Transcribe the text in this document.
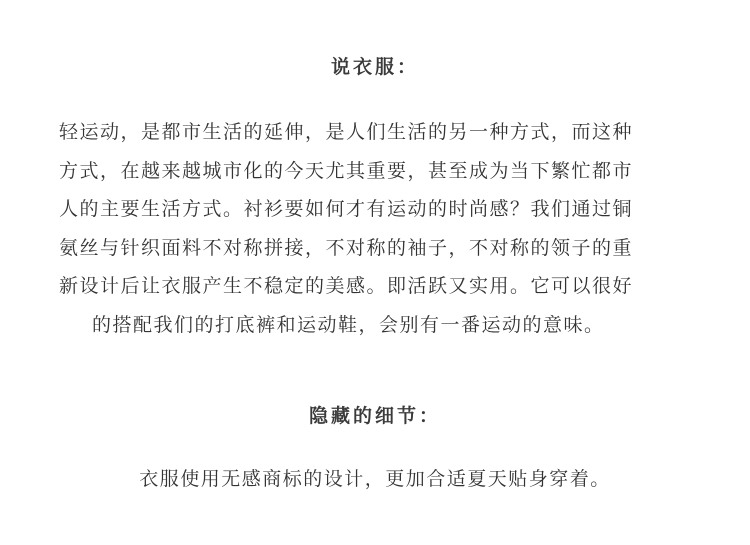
说衣服：
轻运动，是都市生活的延伸，是人们生活的另一种方式，而这种
方式，在越来越城市化的今天尤其重要，甚至成为当下繁忙都市
人的主要生活方式。衬衫要如何才有运动的时尚感？我们通过铜
氨丝与针织面料不对称拼接，不对称的袖子，不对称的领子的重
新设计后让衣服产生不稳定的美感。即活跃又实用。它可以很好
的搭配我们的打底裤和运动鞋，会别有一番运动的意味。
隐藏的细节：
衣服使用无感商标的设计，更加合适夏天贴身穿着。
